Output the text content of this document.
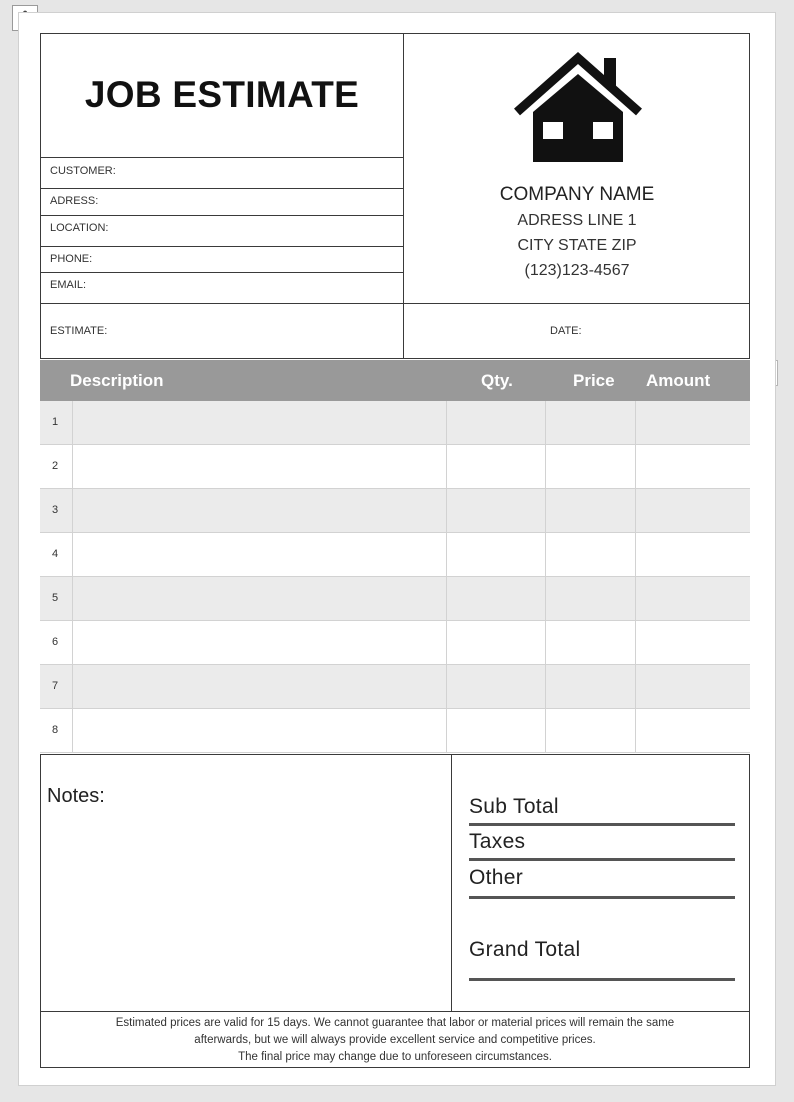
JOB ESTIMATE
CUSTOMER:
ADRESS:
LOCATION:
PHONE:
EMAIL:
ESTIMATE:	DATE:
COMPANY NAME
ADRESS LINE 1
CITY STATE ZIP
(123)123-4567
Description	Qty.	Price Amount
1
2
3
4
5
6
7
8
Notes:	Sub Total
Taxes
Other
Grand Total
Estimated prices are valid for 15 days. We cannot guarantee that labor or material prices will remain the same
afterwards, but we will always provide excellent service and competitive prices.
The final price may change due to unforeseen circumstances.
